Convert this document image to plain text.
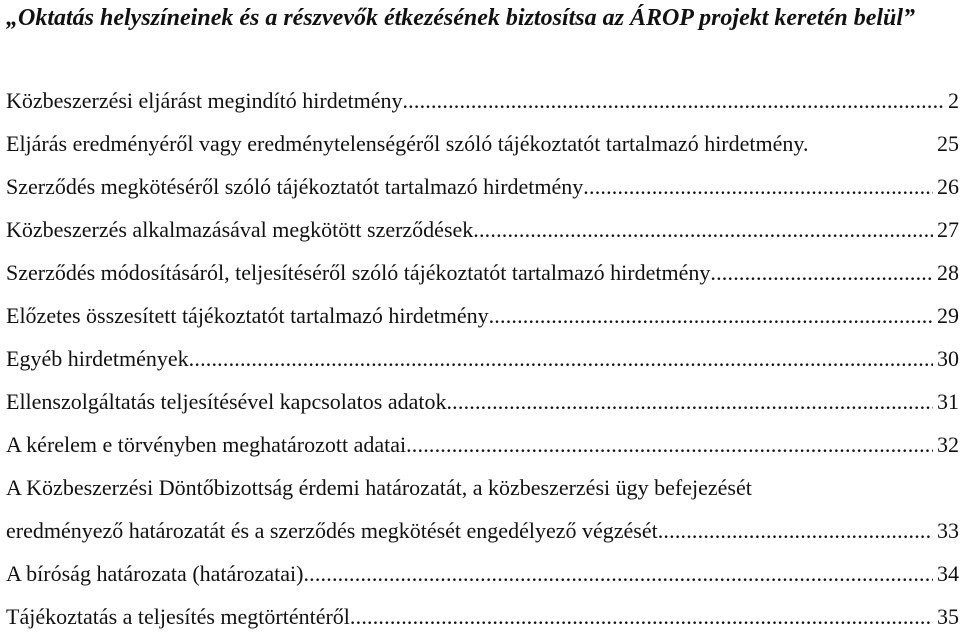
„Oktatás helyszíneinek és a részvevők étkezésének biztosítsa az ÁROP projekt keretén belül”
Közbeszerzési eljárást megindító hirdetmény .....	2
Eljárás eredményéről vagy eredménytelenségéről szóló tájékoztatót tartalmazó hirdetmény.	25
Szerződés megkötéséről szóló tájékoztatót tartalmazó hirdetmény .....	26
Közbeszerzés alkalmazásával megkötött szerződések .....	27
Szerződés módosításáról, teljesítéséről szóló tájékoztatót tartalmazó hirdetmény .....	28
Előzetes összesített tájékoztatót tartalmazó hirdetmény .....	29
Egyéb hirdetmények .....	30
Ellenszolgáltatás teljesítésével kapcsolatos adatok .....	31
A kérelem e törvényben meghatározott adatai .....	32
A Közbeszerzési Döntőbizottság érdemi határozatát, a közbeszerzési ügy befejezését
eredményező határozatát és a szerződés megkötését engedélyező végzését .....	33
A bíróság határozata (határozatai) .....	34
Tájékoztatás a teljesítés megtörténtéről .....	35
